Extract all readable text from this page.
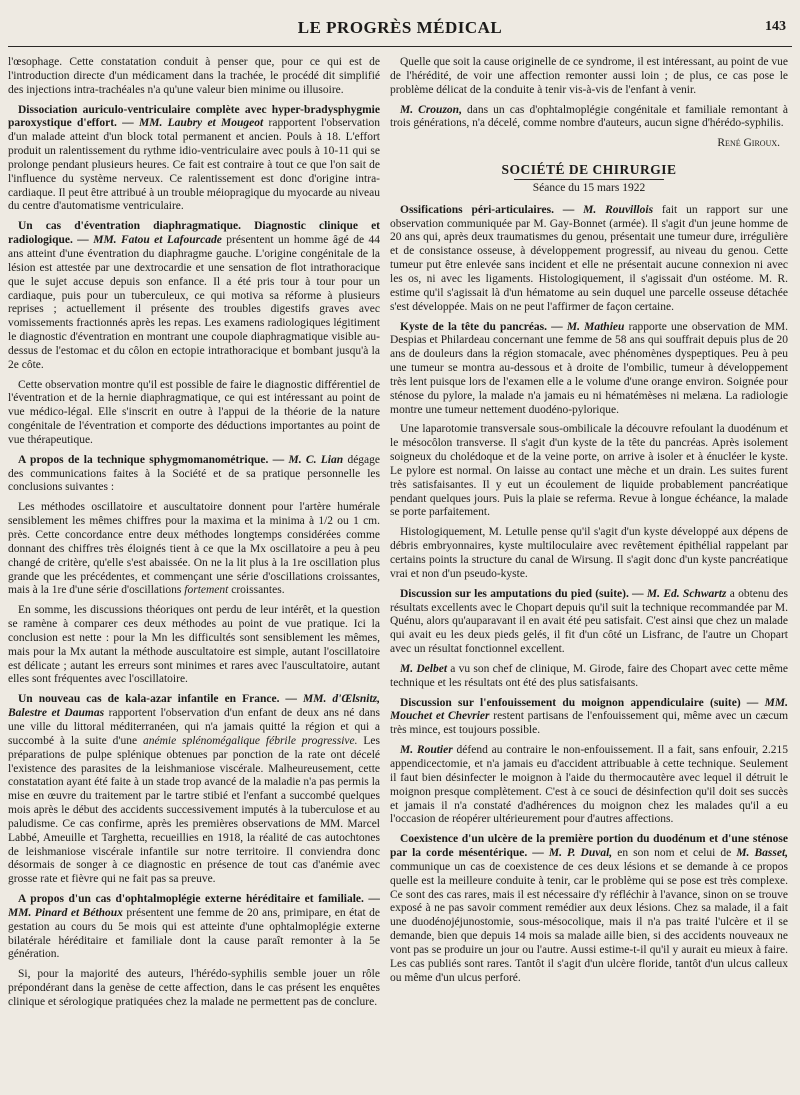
LE PROGRÈS MÉDICAL	143

l'œsophage. Cette constatation conduit à penser que, pour ce qui est de l'introduction directe d'un médicament dans la trachée, le procédé dit simplifié des injections intra-trachéales n'a qu'une valeur bien minime ou illusoire.

Dissociation auriculo-ventriculaire complète avec hyper-bradysphygmie paroxystique d'effort. — MM. Laubry et Mougeot rapportent l'observation d'un malade atteint d'un block total permanent et ancien. Pouls à 18. L'effort produit un ralentissement du rythme idio-ventriculaire avec pouls à 10-11 qui se prolonge pendant plusieurs heures. Ce fait est contraire à tout ce que l'on sait de l'influence du système nerveux. Ce ralentissement est donc d'origine intra-cardiaque. Il peut être attribué à un trouble méiopragique du myocarde au niveau du centre d'automatisme ventriculaire.

Un cas d'éventration diaphragmatique. Diagnostic clinique et radiologique. — MM. Fatou et Lafourcade présentent un homme âgé de 44 ans atteint d'une éventration du diaphragme gauche. L'origine congénitale de la lésion est attestée par une dextrocardie et une sensation de flot intrathoracique que le sujet accuse depuis son enfance. Il a été pris tour à tour pour un cardiaque, puis pour un tuberculeux, ce qui motiva sa réforme à plusieurs reprises ; actuellement il présente des troubles digestifs graves avec vomissements fractionnés après les repas. Les examens radiologiques légitiment le diagnostic d'éventration en montrant une coupole diaphragmatique visible au-dessus de l'estomac et du côlon en ectopie intrathoracique et bombant jusqu'à la 2e côte.

Cette observation montre qu'il est possible de faire le diagnostic différentiel de l'éventration et de la hernie diaphragmatique, ce qui est intéressant au point de vue médico-légal. Elle s'inscrit en outre à l'appui de la théorie de la nature congénitale de l'éventration et comporte des déductions importantes au point de vue thérapeutique.

A propos de la technique sphygmomanométrique. — M. C. Lian dégage des communications faites à la Société et de sa pratique personnelle les conclusions suivantes :

Les méthodes oscillatoire et auscultatoire donnent pour l'artère humérale sensiblement les mêmes chiffres pour la maxima et la minima à 1/2 ou 1 cm. près. Cette concordance entre deux méthodes longtemps considérées comme donnant des chiffres très éloignés tient à ce que la Mx oscillatoire a peu à peu changé de critère, qu'elle s'est abaissée. On ne la lit plus à la 1re oscillation plus grande que les précédentes, et commençant une série d'oscillations croissantes, mais à la 1re d'une série d'oscillations fortement croissantes.

En somme, les discussions théoriques ont perdu de leur intérêt, et la question se ramène à comparer ces deux méthodes au point de vue pratique. Ici la conclusion est nette : pour la Mn les difficultés sont sensiblement les mêmes, mais pour la Mx autant la méthode auscultatoire est simple, autant l'oscillatoire est délicate ; autant les erreurs sont minimes et rares avec l'auscultatoire, autant elles sont fréquentes avec l'oscillatoire.

Un nouveau cas de kala-azar infantile en France. — MM. d'Œlsnitz, Balestre et Daumas rapportent l'observation d'un enfant de deux ans né dans une ville du littoral méditerranéen, qui n'a jamais quitté la région et qui a succombé à la suite d'une anémie splénomégalique fébrile progressive. Les préparations de pulpe splénique obtenues par ponction de la rate ont décelé l'existence des parasites de la leishmaniose viscérale. Malheureusement, cette constatation ayant été faite à un stade trop avancé de la maladie n'a pas permis la mise en œuvre du traitement par le tartre stibié et l'enfant a succombé quelques mois après le début des accidents successivement imputés à la tuberculose et au paludisme. Ce cas confirme, après les premières observations de MM. Marcel Labbé, Ameuille et Targhetta, recueillies en 1918, la réalité de cas autochtones de leishmaniose viscérale infantile sur notre territoire. Il conviendra donc désormais de songer à ce diagnostic en présence de tout cas d'anémie avec grosse rate et fièvre qui ne fait pas sa preuve.

A propos d'un cas d'ophtalmoplégie externe héréditaire et familiale. — MM. Pinard et Béthoux présentent une femme de 20 ans, primipare, en état de gestation au cours du 5e mois qui est atteinte d'une ophtalmoplégie externe bilatérale héréditaire et familiale dont la cause paraît remonter à la 5e génération.

Si, pour la majorité des auteurs, l'hérédo-syphilis semble jouer un rôle prépondérant dans la genèse de cette affection, dans le cas présent les enquêtes clinique et sérologique pratiquées chez la malade ne permettent pas de conclure.

Quelle que soit la cause originelle de ce syndrome, il est intéressant, au point de vue de l'hérédité, de voir une affection remonter aussi loin ; de plus, ce cas pose le problème délicat de la conduite à tenir vis-à-vis de l'enfant à venir.

M. Crouzon, dans un cas d'ophtalmoplégie congénitale et familiale remontant à trois générations, n'a décelé, comme nombre d'auteurs, aucun signe d'hérédo-syphilis.

René Giroux.
SOCIÉTÉ DE CHIRURGIE
Séance du 15 mars 1922

Ossifications péri-articulaires. — M. Rouvillois fait un rapport sur une observation communiquée par M. Gay-Bonnet (armée). Il s'agit d'un jeune homme de 20 ans qui, après deux traumatismes du genou, présentait une tumeur dure, irrégulière et de consistance osseuse, à développement progressif, au niveau du genou. Cette tumeur put être enlevée sans incident et elle ne présentait aucune connexion ni avec les os, ni avec les ligaments. Histologiquement, il s'agissait d'un ostéome. M. R. estime qu'il s'agissait là d'un hématome au sein duquel une parcelle osseuse détachée s'est développée. Mais on ne peut l'affirmer de façon certaine.

Kyste de la tête du pancréas. — M. Mathieu rapporte une observation de MM. Despias et Philardeau concernant une femme de 58 ans qui souffrait depuis plus de 20 ans de douleurs dans la région stomacale, avec phénomènes dyspeptiques. Peu à peu une tumeur se montra au-dessous et à droite de l'ombilic, tumeur à développement très lent puisque lors de l'examen elle a le volume d'une orange environ. Soignée pour sténose du pylore, la malade n'a jamais eu ni hématémèses ni melæna. La radiologie montre une tumeur nettement duodéno-pylorique.

Une laparotomie transversale sous-ombilicale la découvre refoulant la duodénum et le mésocôlon transverse. Il s'agit d'un kyste de la tête du pancréas. Après isolement soigneux du cholédoque et de la veine porte, on arrive à isoler et à énucléer le kyste. Le pylore est normal. On laisse au contact une mèche et un drain. Les suites furent très satisfaisantes. Il y eut un écoulement de liquide probablement pancréatique pendant quelques jours. Puis la plaie se referma. Revue à longue échéance, la malade se porte parfaitement.

Histologiquement, M. Letulle pense qu'il s'agit d'un kyste développé aux dépens de débris embryonnaires, kyste multiloculaire avec revêtement épithélial rappelant par certains points la structure du canal de Wirsung. Il s'agit donc d'un kyste pancréatique vrai et non d'un pseudo-kyste.

Discussion sur les amputations du pied (suite). — M. Ed. Schwartz a obtenu des résultats excellents avec le Chopart depuis qu'il suit la technique recommandée par M. Quénu, alors qu'auparavant il en avait été peu satisfait. C'est ainsi que chez un malade qui avait eu les deux pieds gelés, il fit d'un côté un Lisfranc, de l'autre un Chopart avec un résultat fonctionnel excellent.

M. Delbet a vu son chef de clinique, M. Girode, faire des Chopart avec cette même technique et les résultats ont été des plus satisfaisants.

Discussion sur l'enfouissement du moignon appendiculaire (suite) — MM. Mouchet et Chevrier restent partisans de l'enfouissement qui, même avec un cæcum très mince, est toujours possible.

M. Routier défend au contraire le non-enfouissement. Il a fait, sans enfouir, 2.215 appendicectomie, et n'a jamais eu d'accident attribuable à cette technique. Seulement il faut bien désinfecter le moignon à l'aide du thermocautère avec lequel il détruit le moignon presque complètement. C'est à ce souci de désinfection qu'il doit ses succès et jamais il n'a constaté d'adhérences du moignon chez les malades qu'il a eu l'occasion de réopérer ultérieurement pour d'autres affections.

Coexistence d'un ulcère de la première portion du duodénum et d'une sténose par la corde mésentérique. — M. P. Duval, en son nom et celui de M. Basset, communique un cas de coexistence de ces deux lésions et se demande à ce propos quelle est la meilleure conduite à tenir, car le problème qui se pose est très complexe. Ce sont des cas rares, mais il est nécessaire d'y réfléchir à l'avance, sinon on se trouve exposé à ne pas savoir comment remédier aux deux lésions. Chez sa malade, il a fait une duodénojéjunostomie, sous-mésocolique, mais il n'a pas traité l'ulcère et il se demande, bien que depuis 14 mois sa malade aille bien, si des accidents nouveaux ne vont pas se produire un jour ou l'autre. Aussi estime-t-il qu'il y aurait eu mieux à faire. Les cas publiés sont rares. Tantôt il s'agit d'un ulcère floride, tantôt d'un ulcus calleux ou même d'un ulcus perforé.
